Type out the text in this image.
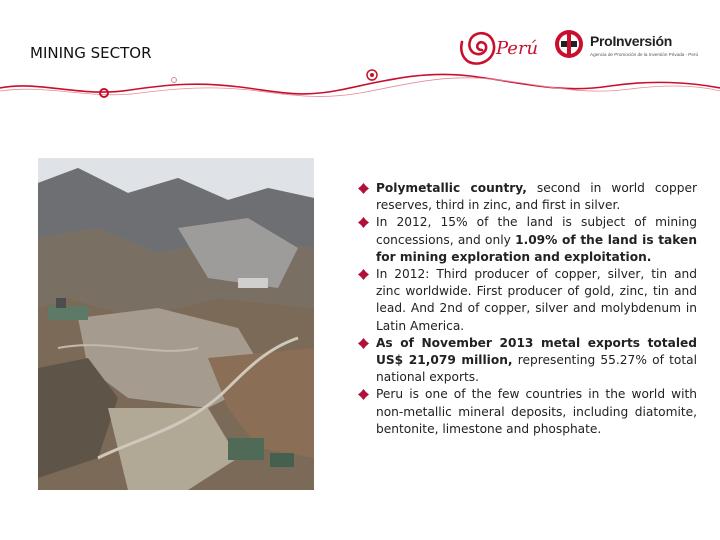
MINING SECTOR	Perú	ProInversión
Agencia de Promoción de la Inversión Privada - Perú
Polymetallic country, second in world copper reserves, third in zinc, and first in silver.
In 2012, 15% of the land is subject of mining concessions, and only 1.09% of the land is taken for mining exploration and exploitation.
In 2012: Third producer of copper, silver, tin and zinc worldwide. First producer of gold, zinc, tin and lead. And 2nd of copper, silver and molybdenum in Latin America.
As of November 2013 metal exports totaled US$ 21,079 million, representing 55.27% of total national exports.
Peru is one of the few countries in the world with non-metallic mineral deposits, including diatomite, bentonite, limestone and phosphate.
